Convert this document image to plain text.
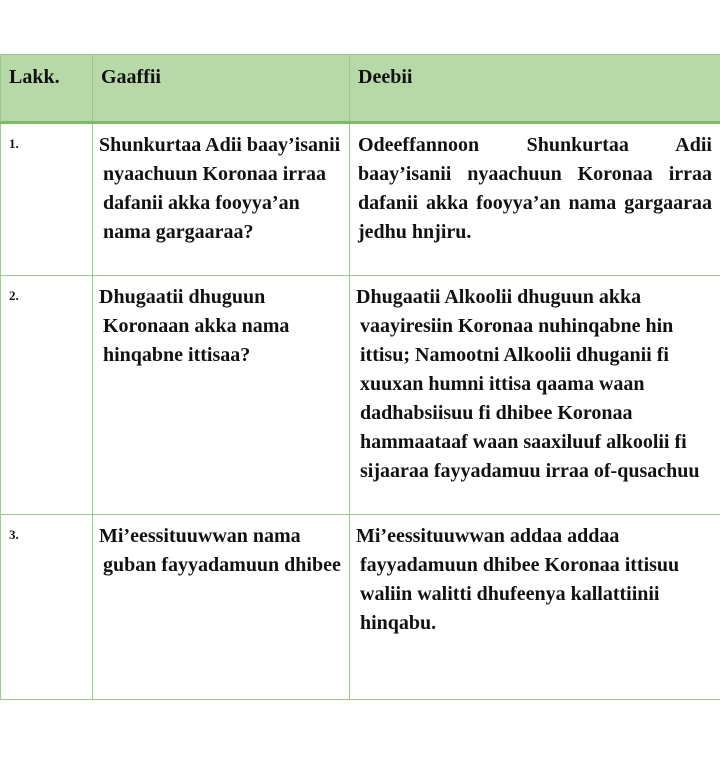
Lakk.	Gaaffii	Deebii

1.	Shunkurtaa Adii baay’isanii nyaachuun Koronaa irraa dafanii akka fooyya’an nama gargaaraa?	Odeeffannoon Shunkurtaa Adii baay’isanii nyaachuun Koronaa irraa dafanii akka fooyya’an nama gargaaraa jedhu hnjiru.

2.	Dhugaatii dhuguun Koronaan akka nama hinqabne ittisaa?	Dhugaatii Alkoolii dhuguun akka vaayiresiin Koronaa nuhinqabne hin ittisu; Namootni Alkoolii dhuganii fi xuuxan humni ittisa qaama waan dadhabsiisuu fi dhibee Koronaa hammaataaf waan saaxiluuf alkoolii fi sijaaraa fayyadamuu irraa of-qusachuu

3.	Mi’eessituuwwan nama guban fayyadamuun dhibee	Mi’eessituuwwan addaa addaa fayyadamuun dhibee Koronaa ittisuu waliin walitti dhufeenya kallattiinii hinqabu.
